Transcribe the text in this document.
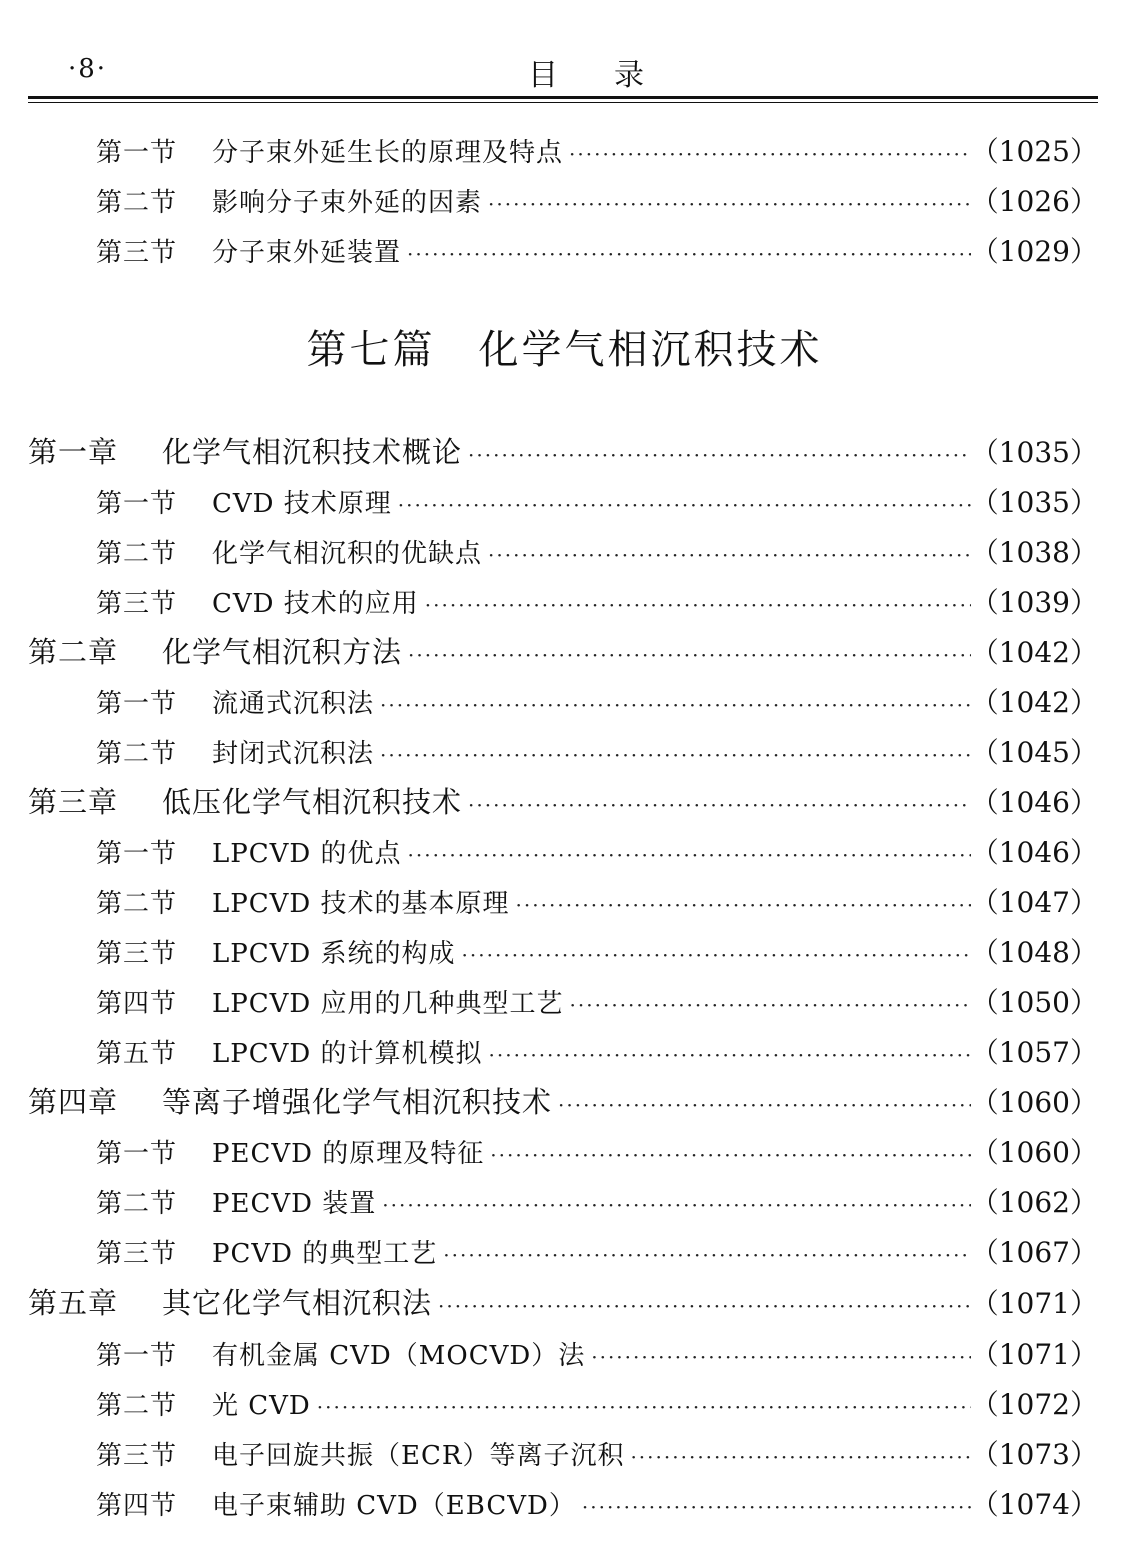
·8·	目录
第一节	分子束外延生长的原理及特点 ·····	（1025）
第二节	影响分子束外延的因素 ·····	（1026）
第三节	分子束外延装置 ·····	（1029）
第七篇　化学气相沉积技术
第一章	化学气相沉积技术概论 ·····	（1035）
第一节	CVD 技术原理 ·····	（1035）
第二节	化学气相沉积的优缺点 ·····	（1038）
第三节	CVD 技术的应用 ·····	（1039）
第二章	化学气相沉积方法 ·····	（1042）
第一节	流通式沉积法 ·····	（1042）
第二节	封闭式沉积法 ·····	（1045）
第三章	低压化学气相沉积技术 ·····	（1046）
第一节	LPCVD 的优点 ·····	（1046）
第二节	LPCVD 技术的基本原理 ·····	（1047）
第三节	LPCVD 系统的构成 ·····	（1048）
第四节	LPCVD 应用的几种典型工艺 ·····	（1050）
第五节	LPCVD 的计算机模拟 ·····	（1057）
第四章	等离子增强化学气相沉积技术 ·····	（1060）
第一节	PECVD 的原理及特征 ·····	（1060）
第二节	PECVD 装置 ·····	（1062）
第三节	PCVD 的典型工艺 ·····	（1067）
第五章	其它化学气相沉积法 ·····	（1071）
第一节	有机金属 CVD（MOCVD）法 ·····	（1071）
第二节	光 CVD ·····	（1072）
第三节	电子回旋共振（ECR）等离子沉积 ·····	（1073）
第四节	电子束辅助 CVD（EBCVD） ·····	（1074）
